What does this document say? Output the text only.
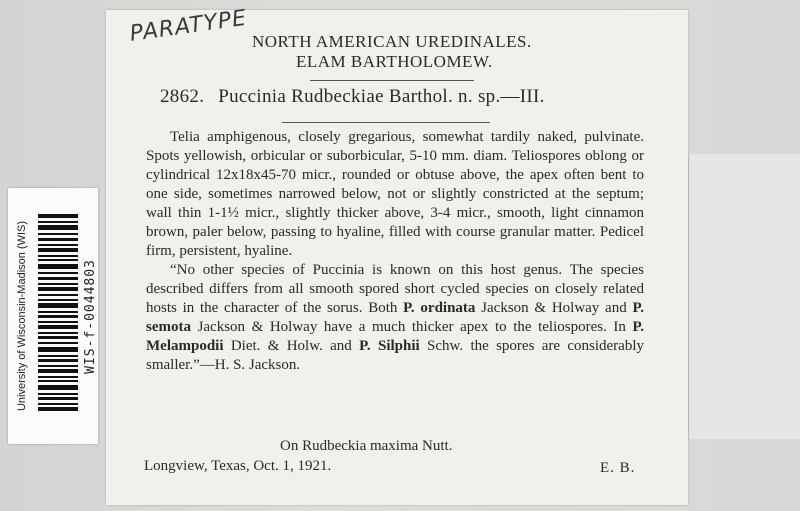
PARATYPE NORTH AMERICAN UREDINALES.
ELAM BARTHOLOMEW.
2862. Puccinia Rudbeckiae Barthol. n. sp.—III.

Telia amphigenous, closely gregarious, somewhat tardily naked, pulvinate. Spots yellowish, orbicular or suborbicular, 5-10 mm. diam. Teliospores oblong or cylindrical 12x18x45-70 micr., rounded or obtuse above, the apex often bent to one side, sometimes narrowed below, not or slightly constricted at the septum; wall thin 1-1½ micr., slightly thicker above, 3-4 micr., smooth, light cinnamon brown, paler below, passing to hyaline, filled with course granular matter. Pedicel firm, persistent, hyaline.

“No other species of Puccinia is known on this host genus. The species described differs from all smooth spored short cycled species on closely related hosts in the character of the sorus. Both P. ordinata Jackson & Holway and P. semota Jackson & Holway have a much thicker apex to the teliospores. In P. Melampodii Diet. & Holw. and P. Silphii Schw. the spores are considerably smaller.”—H. S. Jackson.

On Rudbeckia maxima Nutt.
Longview, Texas, Oct. 1, 1921.	E. B.
University of Wisconsin-Madison (WIS)	WIS-f-0044803
